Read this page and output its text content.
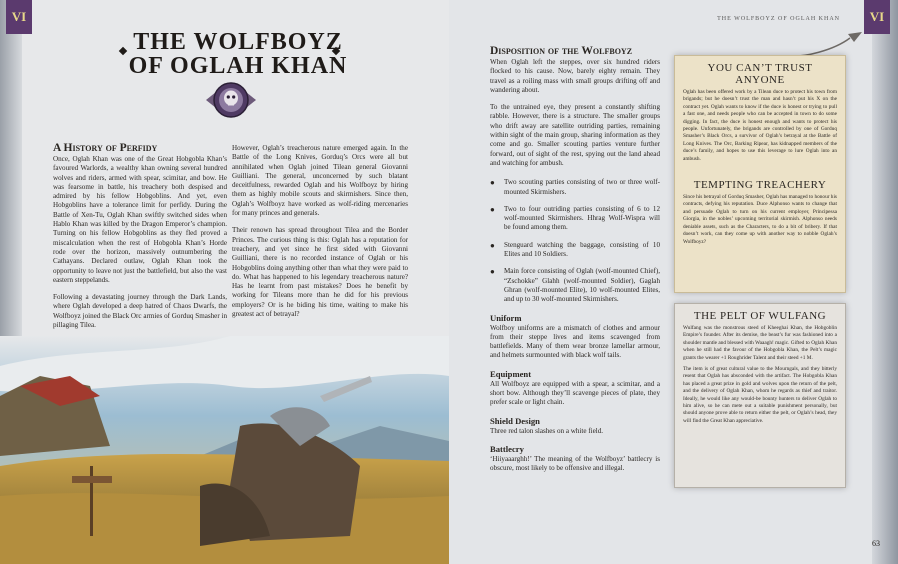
VI
THE WOLFBOYZ
OF OGLAH KHAN
A History of Perfidy

Once, Oglah Khan was one of the Great Hobgobla Khan’s favoured Warlords, a wealthy khan owning several hundred wolves and riders, armed with spear, scimitar, and bow. He was fearsome in battle, his treachery both despised and admired by his fellow Hobgoblins. And yet, even Hobgoblins have a tolerance limit for perfidy. During the Battle of Xen-Tu, Oglah Khan swiftly switched sides when Hablo Khan was killed by the Dragon Emperor’s champion. Turning on his fellow Hobgoblins as they fled proved a miscalculation when the rest of Hobgobla Khan’s Horde rode over the horizon, massively outnumbering the Cathayans. Declared outlaw, Oglah Khan took the opportunity to leave not just the battlefield, but also the vast eastern steppelands.

Following a devastating journey through the Dark Lands, where Oglah developed a deep hatred of Chaos Dwarfs, the Wolfboyz joined the Black Orc armies of Gorduq Smasher in pillaging Tilea.

However, Oglah’s treacherous nature emerged again. In the Battle of the Long Knives, Gorduq’s Orcs were all but annihilated when Oglah joined Tilean general Giovanni Guilliani. The general, unconcerned by such blatant deceitfulness, rewarded Oglah and his Wolfboyz by hiring them as highly mobile scouts and skirmishers. Since then, Oglah’s Wolfboyz have worked as wolf-riding mercenaries for many princes and generals.

Their renown has spread throughout Tilea and the Border Princes. The curious thing is this: Oglah has a reputation for treachery, and yet since he first sided with Giovanni Guilliani, there is no recorded instance of Oglah or his Hobgoblins doing anything other than what they were paid to do. What has happened to his legendary treacherous nature? Has he learnt from past mistakes? Does he benefit by working for Tileans more than he did for his previous employers? Or is he biding his time, waiting to make his greatest act of betrayal?

THE WOLFBOYZ OF OGLAH KHAN	VI
Disposition of the Wolfboyz

When Oglah left the steppes, over six hundred riders flocked to his cause. Now, barely eighty remain. They travel as a roiling mass with small groups drifting off and wandering about.

To the untrained eye, they present a constantly shifting rabble. However, there is a structure. The smaller groups who drift away are satellite outriding parties, remaining within sight of the main group, sharing information as they come and go. Smaller scouting parties venture further forward, out of sight of the rest, spying out the land ahead and watching for ambush.

● Two scouting parties consisting of two or three wolf-mounted Skirmishers.
● Two to four outriding parties consisting of 6 to 12 wolf-mounted Skirmishers. Hhrag Wolf-Wispra will be found among them.
● Stenguard watching the baggage, consisting of 10 Elites and 10 Soldiers.
● Main force consisting of Oglah (wolf-mounted Chief), “Zschokke” Glahh (wolf-mounted Soldier), Gaglah Ghran (wolf-mounted Elite), 10 wolf-mounted Elites, and up to 30 wolf-mounted Skirmishers.
Uniform

Wolfboy uniforms are a mismatch of clothes and armour from their steppe lives and items scavenged from battlefields. Many of them wear bronze lamellar armour, and helmets surmounted with black wolf tails.

Equipment

All Wolfboyz are equipped with a spear, a scimitar, and a short bow. Although they’ll scavenge pieces of plate, they prefer scale or light chain.

Shield Design

Three red talon slashes on a white field.

Battlecry

‘Hiiyaaarghh!’ The meaning of the Wolfboyz’ battlecry is obscure, most likely to be offensive and illegal.

YOU CAN’T TRUST ANYONE
Oglah has been offered work by a Tilean duce to protect his town from brigands; but he doesn’t trust the man and hasn’t put his X on the contract yet. Oglah wants to know if the duce is honest or trying to pull a fast one, and needs people who can be accepted in town to do some digging. In fact, the duce is honest enough and wants to protect his people. Unfortunately, the brigands are controlled by one of Gorduq Smasher’s Black Orcs, a survivor of Oglah’s betrayal at the Battle of Long Knives. The Orc, Barking Ripear, has kidnapped members of the duce’s family, and hopes to use this leverage to lure Oglah into an ambush.
TEMPTING TREACHERY
Since his betrayal of Gorduq Smasher, Oglah has managed to honour his contracts, defying his reputation. Duce Alphonso wants to change that and persuade Oglah to turn on his current employer, Principessa Giorgia, in the nobles’ upcoming territorial skirmish. Alphonso needs deniable assets, such as the Characters, to do a bit of bribery. If that doesn’t work, can they come up with another way to nobble Oglah’s Wolfboyz?
THE PELT OF WULFANG
Wulfang was the monstrous steed of Kheeghai Khan, the Hobgoblin Empire’s founder. After its demise, the beast’s fur was fashioned into a shoulder mantle and blessed with Waaagh! magic. Gifted to Oglah Khan when he still had the favour of the Hobgobla Khan, the Pelt’s magic grants the wearer +1 Roughrider Talent and their steed +1 M.
The item is of great cultural value to the Mourngals, and they bitterly resent that Oglah has absconded with the artifact. The Hobgobla Khan has placed a great prize in gold and wolves upon the return of the pelt, and the delivery of Oglah Khan, whom he regards as thief and traitor. Ideally, he would like any would-be bounty hunters to deliver Oglah to him alive, so he can mete out a suitable punishment personally, but should anyone prove able to return either the pelt, or Oglah’s head, they will find the Great Khan appreciative.
63
